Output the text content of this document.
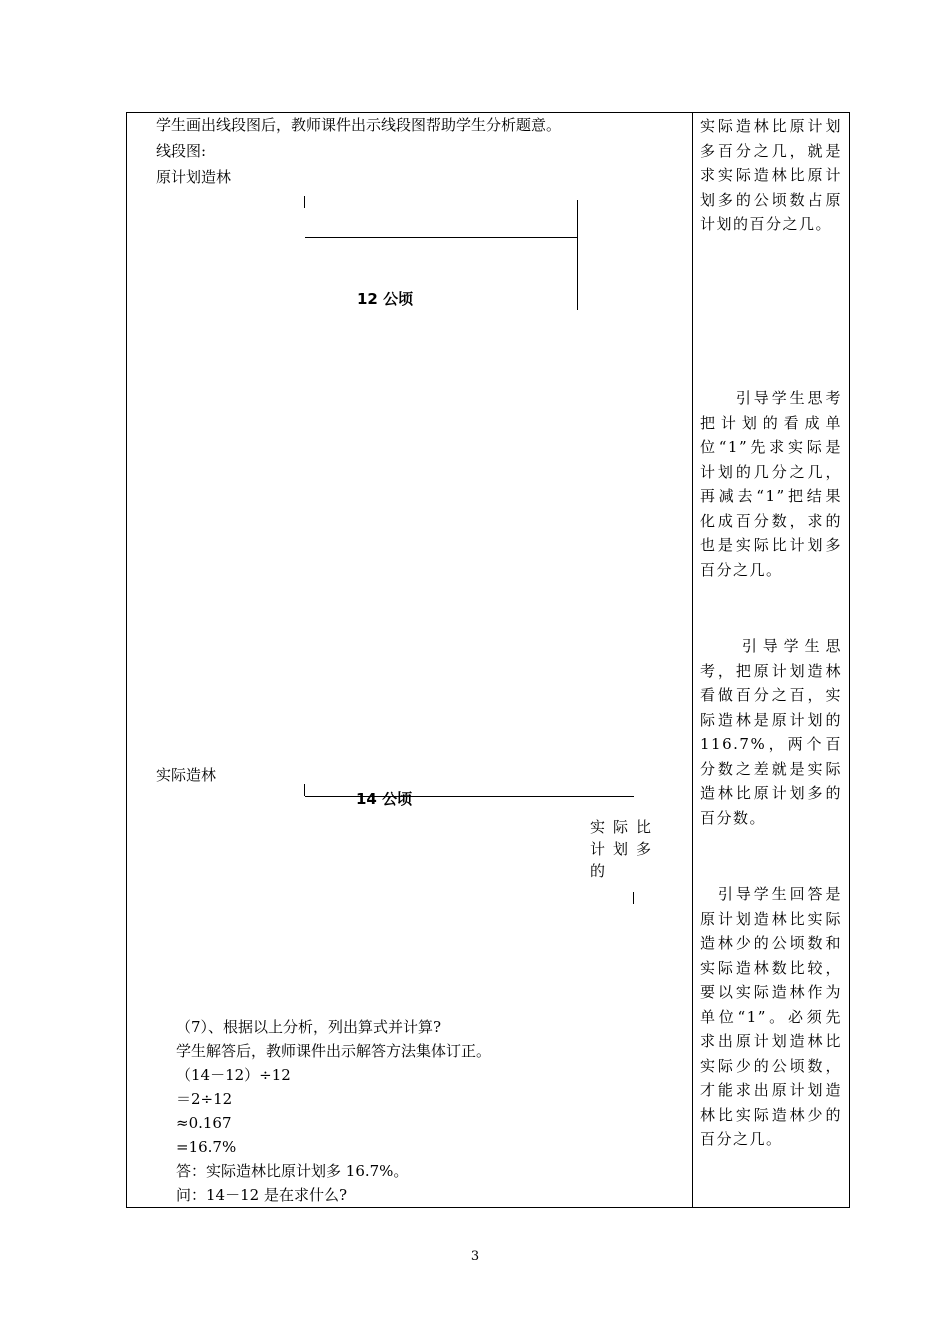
学生画出线段图后，教师课件出示线段图帮助学生分析题意。
线段图:
原计划造林
12 公顷
实际造林
14 公顷
实际比计划多的
（7）、根据以上分析，列出算式并计算?
学生解答后，教师课件出示解答方法集体订正。
（14－12）÷12
＝2÷12
≈0.167
=16.7%
答：实际造林比原计划多 16.7%。
问：14－12 是在求什么?
实际造林比原计划多百分之几，就是求实际造林比原计划多的公顷数占原计划的百分之几。
　　引导学生思考把计划的看成单位“1”先求实际是计划的几分之几，再减去“1”把结果化成百分数，求的也是实际比计划多百分之几。
　　引导学生思考，把原计划造林看做百分之百，实际造林是原计划的116.7%，两个百分数之差就是实际造林比原计划多的百分数。
　引导学生回答是原计划造林比实际造林少的公顷数和实际造林数比较，要以实际造林作为单位“1”。必须先求出原计划造林比实际少的公顷数，才能求出原计划造林比实际造林少的百分之几。
3
